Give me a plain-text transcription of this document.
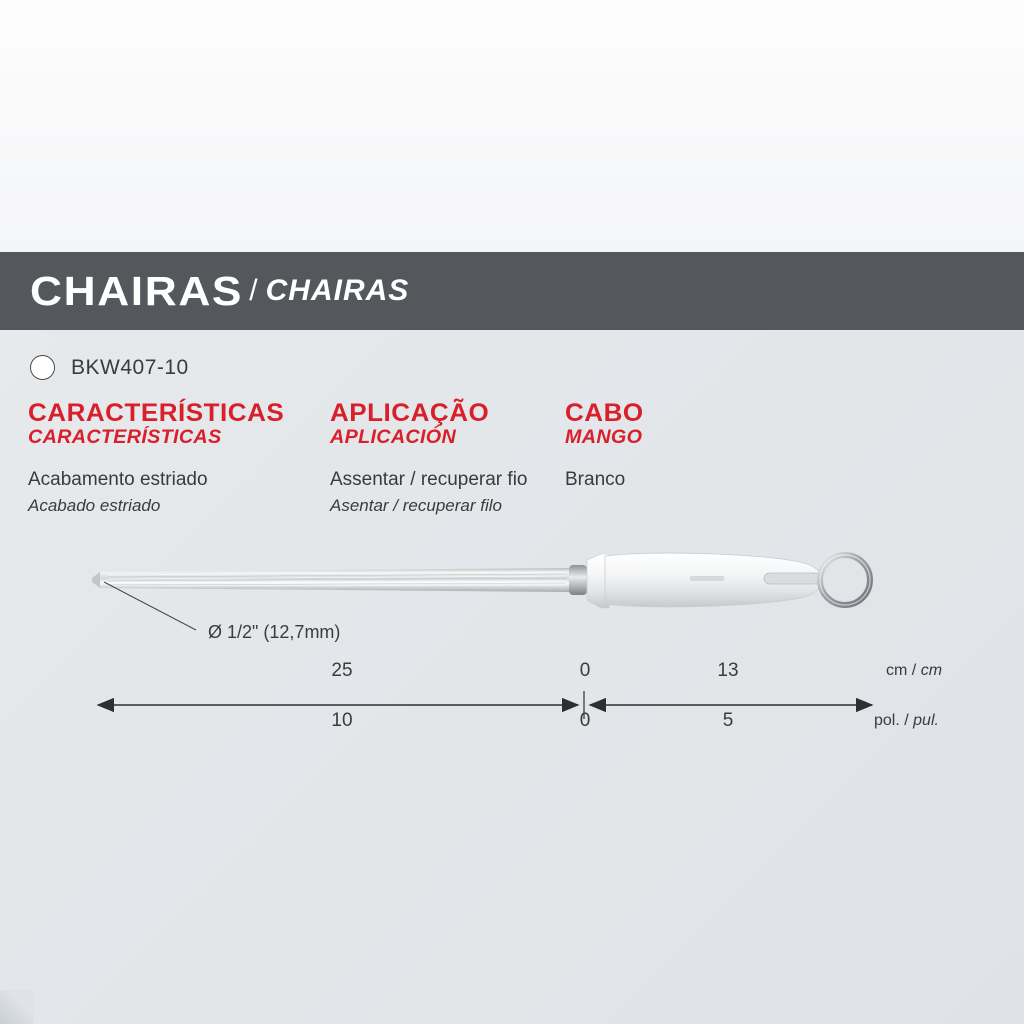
CHAIRAS / CHAIRAS
BKW407-10
CARACTERÍSTICAS
CARACTERÍSTICAS
Acabamento estriado
Acabado estriado
APLICAÇÃO
APLICACIÓN
Assentar / recuperar fio
Asentar / recuperar filo
CABO
MANGO
Branco
Ø 1/2" (12,7mm)
25	0	13	cm / cm
10	0	5	pol. / pul.
